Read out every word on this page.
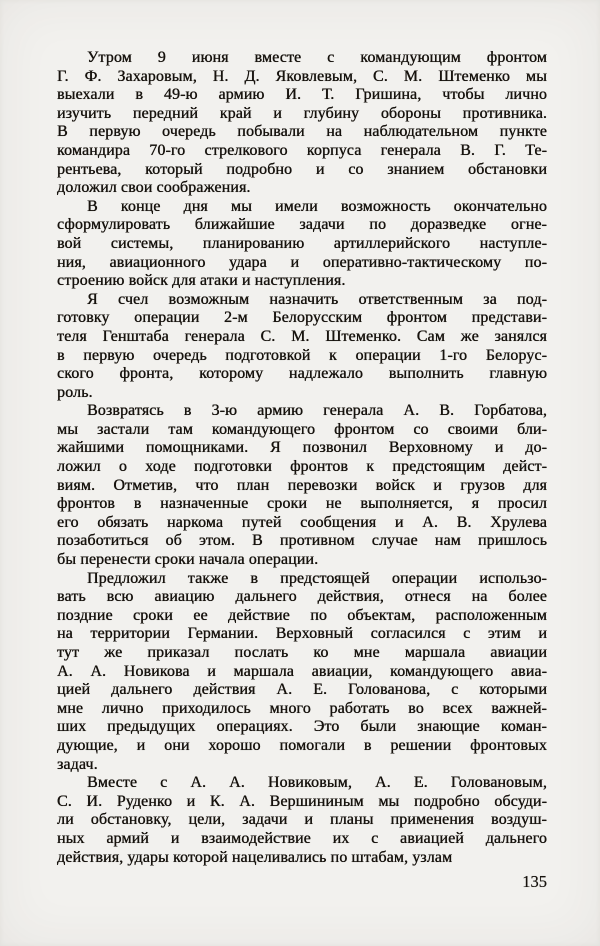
Утром 9 июня вместе с командующим фронтом
Г. Ф. Захаровым, Н. Д. Яковлевым, С. М. Штеменко мы
выехали в 49-ю армию И. Т. Гришина, чтобы лично
изучить передний край и глубину обороны противника.
В первую очередь побывали на наблюдательном пункте
командира 70-го стрелкового корпуса генерала В. Г. Те-
рентьева, который подробно и со знанием обстановки
доложил свои соображения.
В конце дня мы имели возможность окончательно
сформулировать ближайшие задачи по доразведке огне-
вой системы, планированию артиллерийского наступле-
ния, авиационного удара и оперативно-тактическому по-
строению войск для атаки и наступления.
Я счел возможным назначить ответственным за под-
готовку операции 2-м Белорусским фронтом представи-
теля Генштаба генерала С. М. Штеменко. Сам же занялся
в первую очередь подготовкой к операции 1-го Белорус-
ского фронта, которому надлежало выполнить главную
роль.
Возвратясь в 3-ю армию генерала А. В. Горбатова,
мы застали там командующего фронтом со своими бли-
жайшими помощниками. Я позвонил Верховному и до-
ложил о ходе подготовки фронтов к предстоящим дейст-
виям. Отметив, что план перевозки войск и грузов для
фронтов в назначенные сроки не выполняется, я просил
его обязать наркома путей сообщения и А. В. Хрулева
позаботиться об этом. В противном случае нам пришлось
бы перенести сроки начала операции.
Предложил также в предстоящей операции использо-
вать всю авиацию дальнего действия, отнеся на более
поздние сроки ее действие по объектам, расположенным
на территории Германии. Верховный согласился с этим и
тут же приказал послать ко мне маршала авиации
А. А. Новикова и маршала авиации, командующего авиа-
цией дальнего действия А. Е. Голованова, с которыми
мне лично приходилось много работать во всех важней-
ших предыдущих операциях. Это были знающие коман-
дующие, и они хорошо помогали в решении фронтовых
задач.
Вместе с А. А. Новиковым, А. Е. Головановым,
С. И. Руденко и К. А. Вершининым мы подробно обсуди-
ли обстановку, цели, задачи и планы применения воздуш-
ных армий и взаимодействие их с авиацией дальнего
действия, удары которой нацеливались по штабам, узлам
135
